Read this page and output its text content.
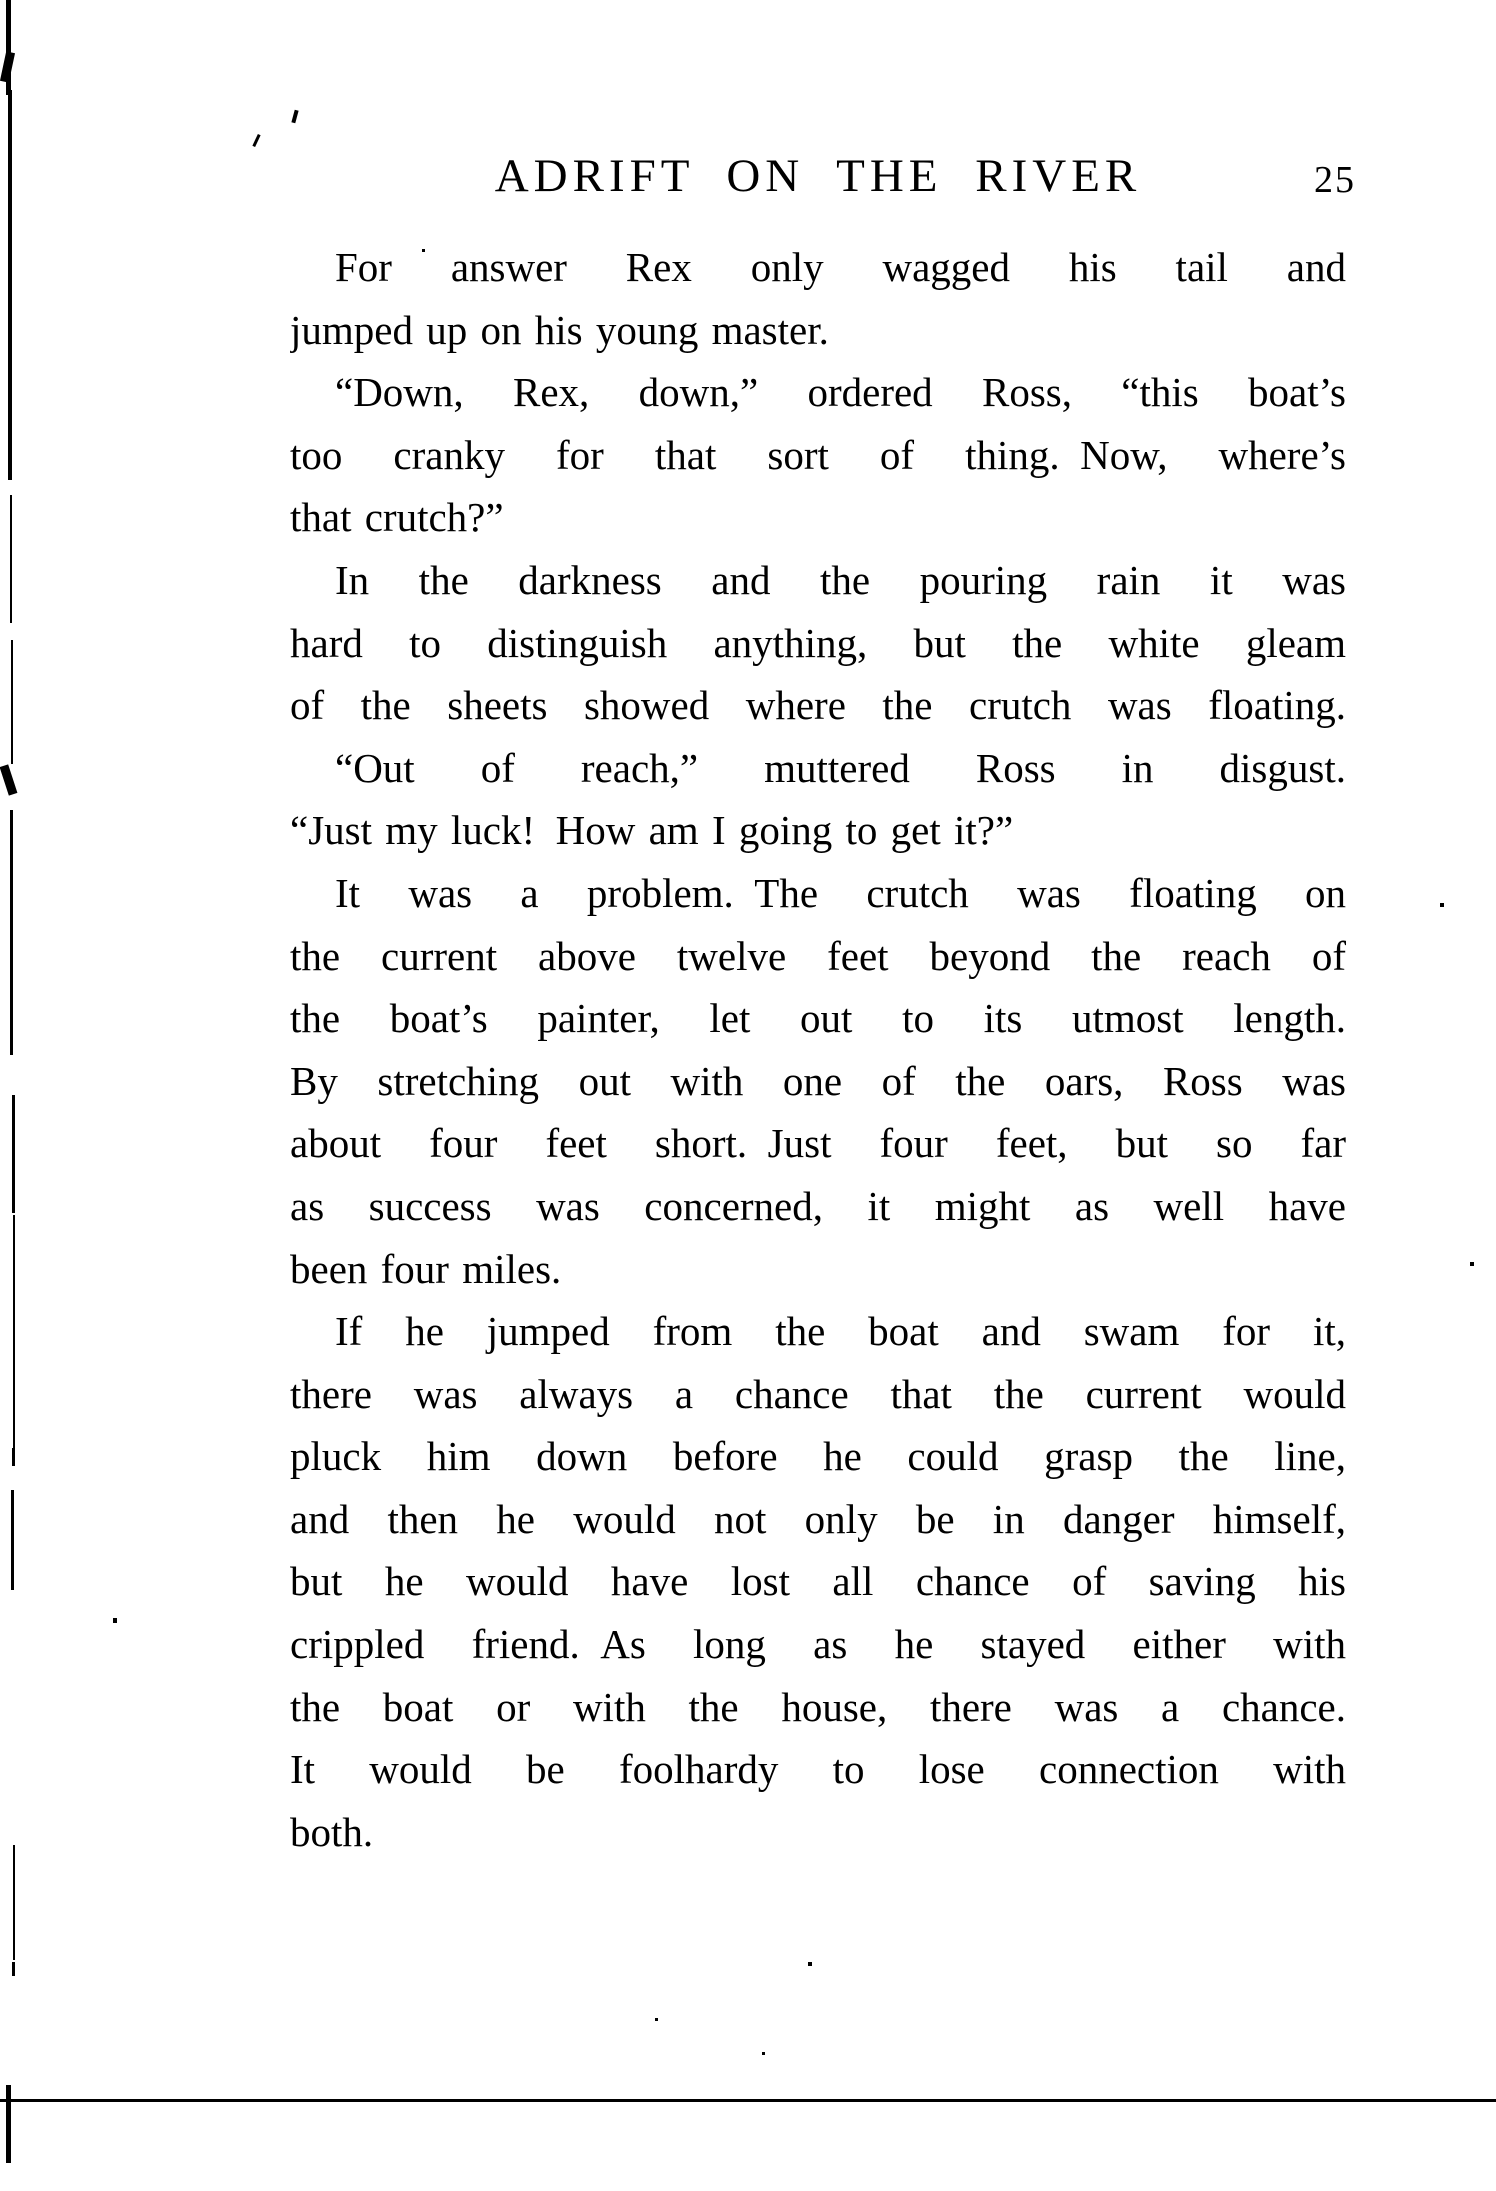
ADRIFT ON THE RIVER	25
For answer Rex only wagged his tail and
jumped up on his young master.
“Down, Rex, down,” ordered Ross, “this boat’s
too cranky for that sort of thing. Now, where’s
that crutch?”
In the darkness and the pouring rain it was
hard to distinguish anything, but the white gleam
of the sheets showed where the crutch was floating.
“Out of reach,” muttered Ross in disgust.
“Just my luck! How am I going to get it?”
It was a problem. The crutch was floating on
the current above twelve feet beyond the reach of
the boat’s painter, let out to its utmost length.
By stretching out with one of the oars, Ross was
about four feet short. Just four feet, but so far
as success was concerned, it might as well have
been four miles.
If he jumped from the boat and swam for it,
there was always a chance that the current would
pluck him down before he could grasp the line,
and then he would not only be in danger himself,
but he would have lost all chance of saving his
crippled friend. As long as he stayed either with
the boat or with the house, there was a chance.
It would be foolhardy to lose connection with
both.
